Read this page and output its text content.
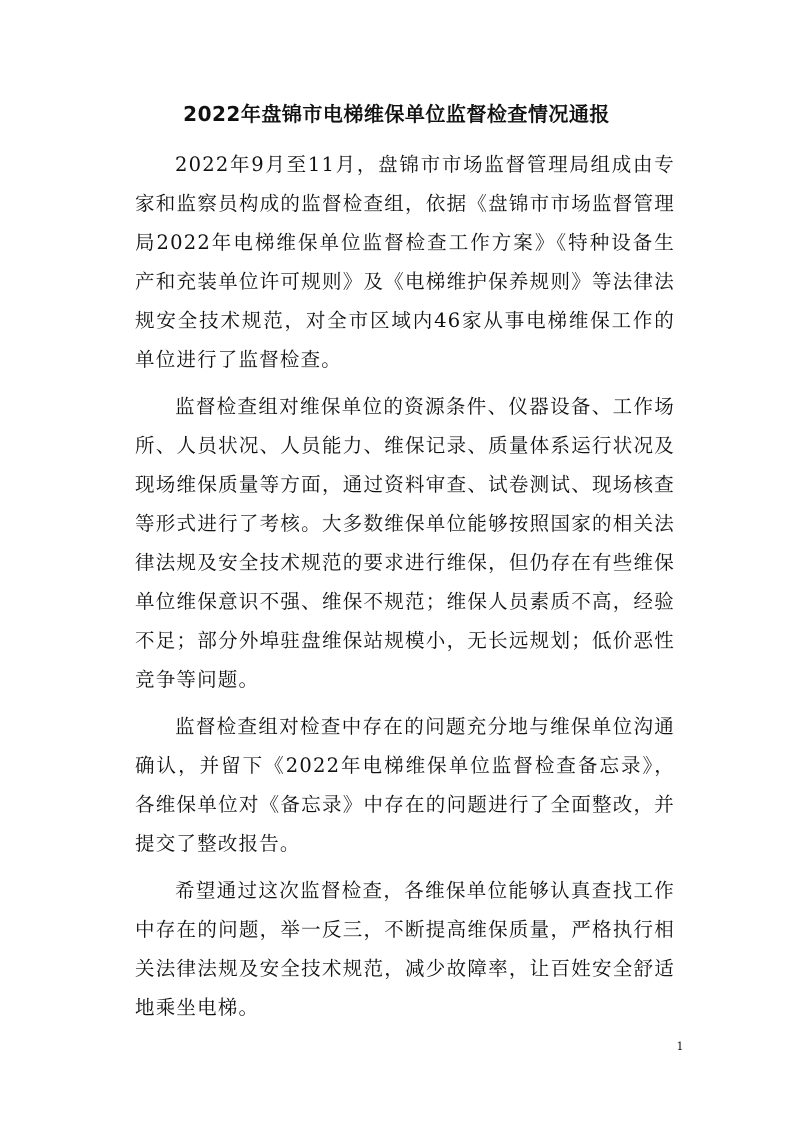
2022年盘锦市电梯维保单位监督检查情况通报

2022年9月至11月，盘锦市市场监督管理局组成由专家和监察员构成的监督检查组，依据《盘锦市市场监督管理局2022年电梯维保单位监督检查工作方案》《特种设备生产和充装单位许可规则》及《电梯维护保养规则》等法律法规安全技术规范，对全市区域内46家从事电梯维保工作的单位进行了监督检查。

监督检查组对维保单位的资源条件、仪器设备、工作场所、人员状况、人员能力、维保记录、质量体系运行状况及现场维保质量等方面，通过资料审查、试卷测试、现场核查等形式进行了考核。大多数维保单位能够按照国家的相关法律法规及安全技术规范的要求进行维保，但仍存在有些维保单位维保意识不强、维保不规范；维保人员素质不高，经验不足；部分外埠驻盘维保站规模小，无长远规划；低价恶性竞争等问题。

监督检查组对检查中存在的问题充分地与维保单位沟通确认，并留下《2022年电梯维保单位监督检查备忘录》，各维保单位对《备忘录》中存在的问题进行了全面整改，并提交了整改报告。

希望通过这次监督检查，各维保单位能够认真查找工作中存在的问题，举一反三，不断提高维保质量，严格执行相关法律法规及安全技术规范，减少故障率，让百姓安全舒适地乘坐电梯。

1
